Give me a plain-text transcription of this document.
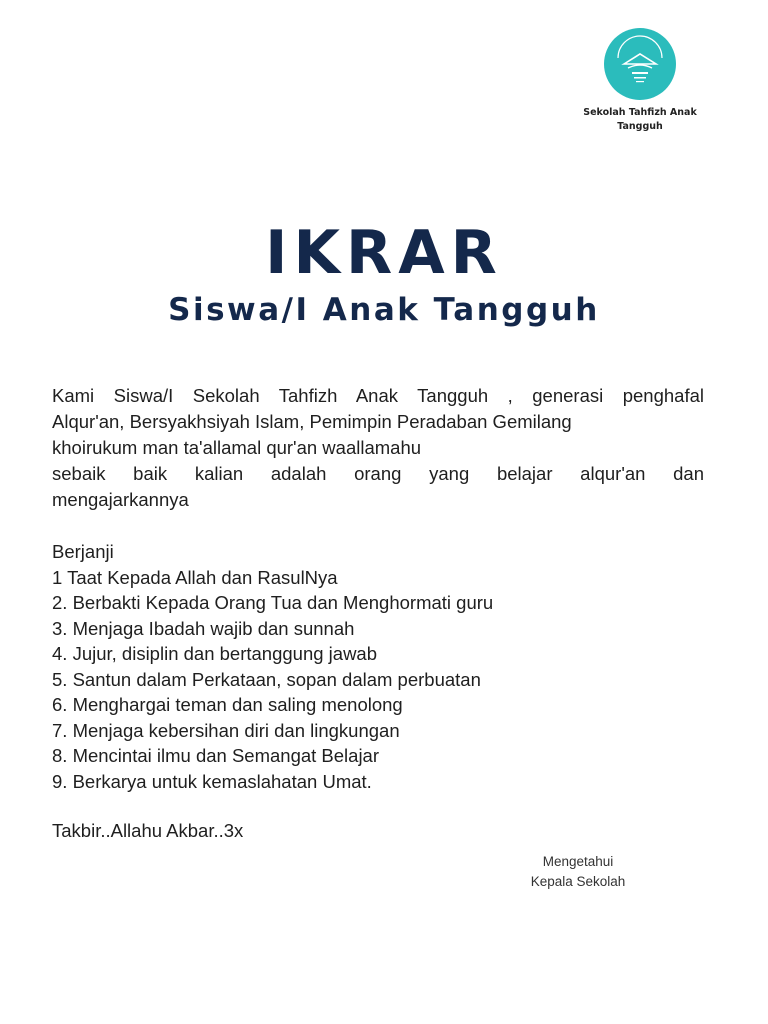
Sekolah Tahfizh Anak
Tangguh
IKRAR
Siswa/I Anak Tangguh

Kami Siswa/I Sekolah Tahfizh Anak Tangguh , generasi penghafal
Alqur'an, Bersyakhsiyah Islam, Pemimpin Peradaban Gemilang
khoirukum man ta'allamal qur'an waallamahu
sebaik baik kalian adalah orang yang belajar alqur'an dan
mengajarkannya

Berjanji
1 Taat Kepada Allah dan RasulNya
2. Berbakti Kepada Orang Tua dan Menghormati guru
3. Menjaga Ibadah wajib dan sunnah
4. Jujur, disiplin dan bertanggung jawab
5. Santun dalam Perkataan, sopan dalam perbuatan
6. Menghargai teman dan saling menolong
7. Menjaga kebersihan diri dan lingkungan
8. Mencintai ilmu dan Semangat Belajar
9. Berkarya untuk kemaslahatan Umat.

Takbir..Allahu Akbar..3x

Mengetahui
Kepala Sekolah
